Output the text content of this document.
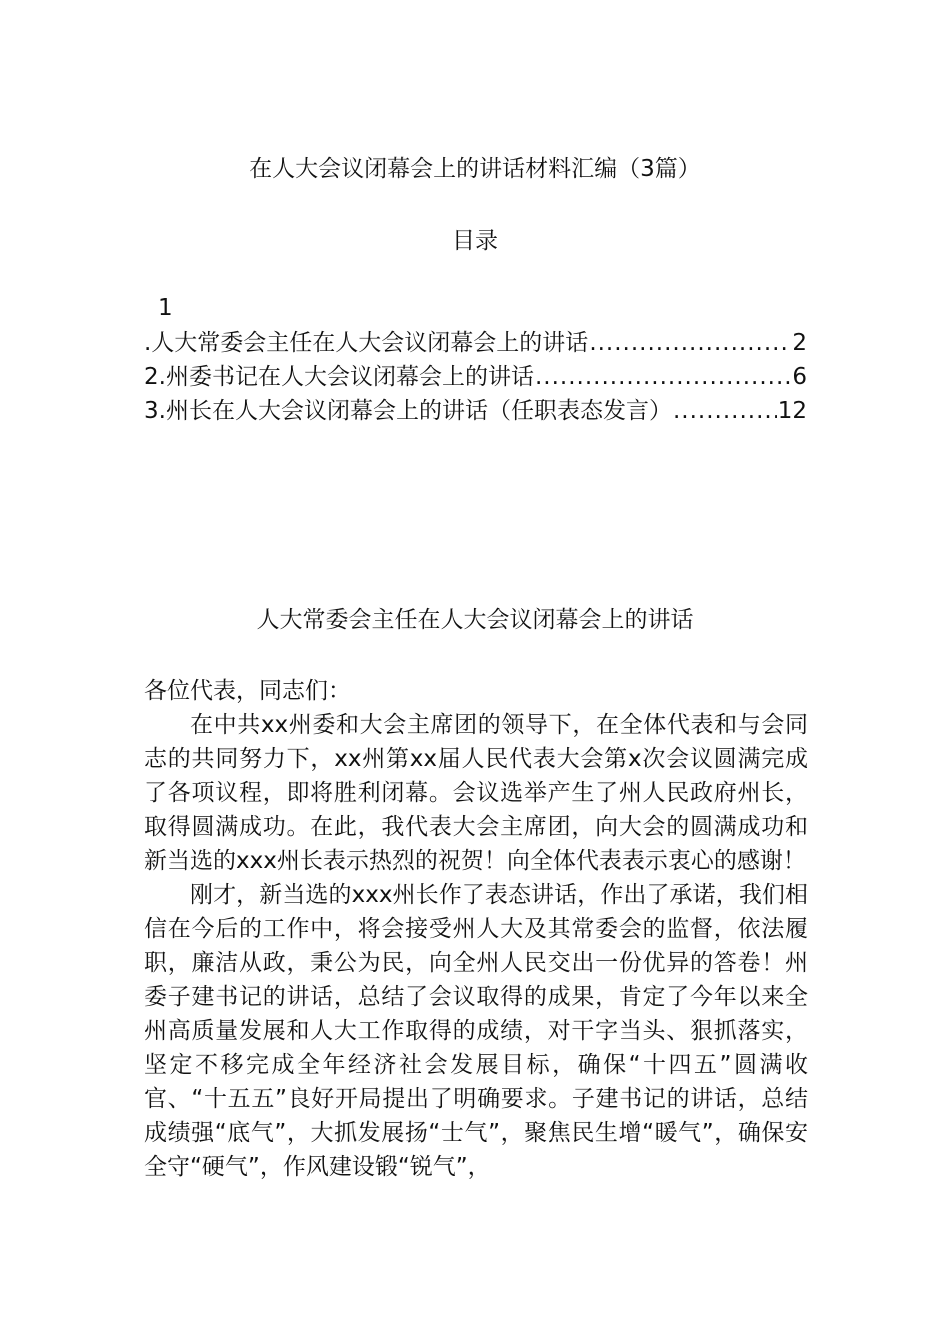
在人大会议闭幕会上的讲话材料汇编（3篇）
目录
1
.人大常委会主任在人大会议闭幕会上的讲话 .....	2
2.州委书记在人大会议闭幕会上的讲话 .....	6
3.州长在人大会议闭幕会上的讲话（任职表态发言） .....	12
人大常委会主任在人大会议闭幕会上的讲话

各位代表，同志们：

在中共xx州委和大会主席团的领导下，在全体代表和与会同志的共同努力下，xx州第xx届人民代表大会第x次会议圆满完成了各项议程，即将胜利闭幕。会议选举产生了州人民政府州长，取得圆满成功。在此，我代表大会主席团，向大会的圆满成功和新当选的xxx州长表示热烈的祝贺！向全体代表表示衷心的感谢！

刚才，新当选的xxx州长作了表态讲话，作出了承诺，我们相信在今后的工作中，将会接受州人大及其常委会的监督，依法履职，廉洁从政，秉公为民，向全州人民交出一份优异的答卷！州委子建书记的讲话，总结了会议取得的成果，肯定了今年以来全州高质量发展和人大工作取得的成绩，对干字当头、狠抓落实，坚定不移完成全年经济社会发展目标，确保“十四五”圆满收官、“十五五”良好开局提出了明确要求。子建书记的讲话，总结成绩强“底气”，大抓发展扬“士气”，聚焦民生增“暖气”，确保安全守“硬气”，作风建设锻“锐气”，
